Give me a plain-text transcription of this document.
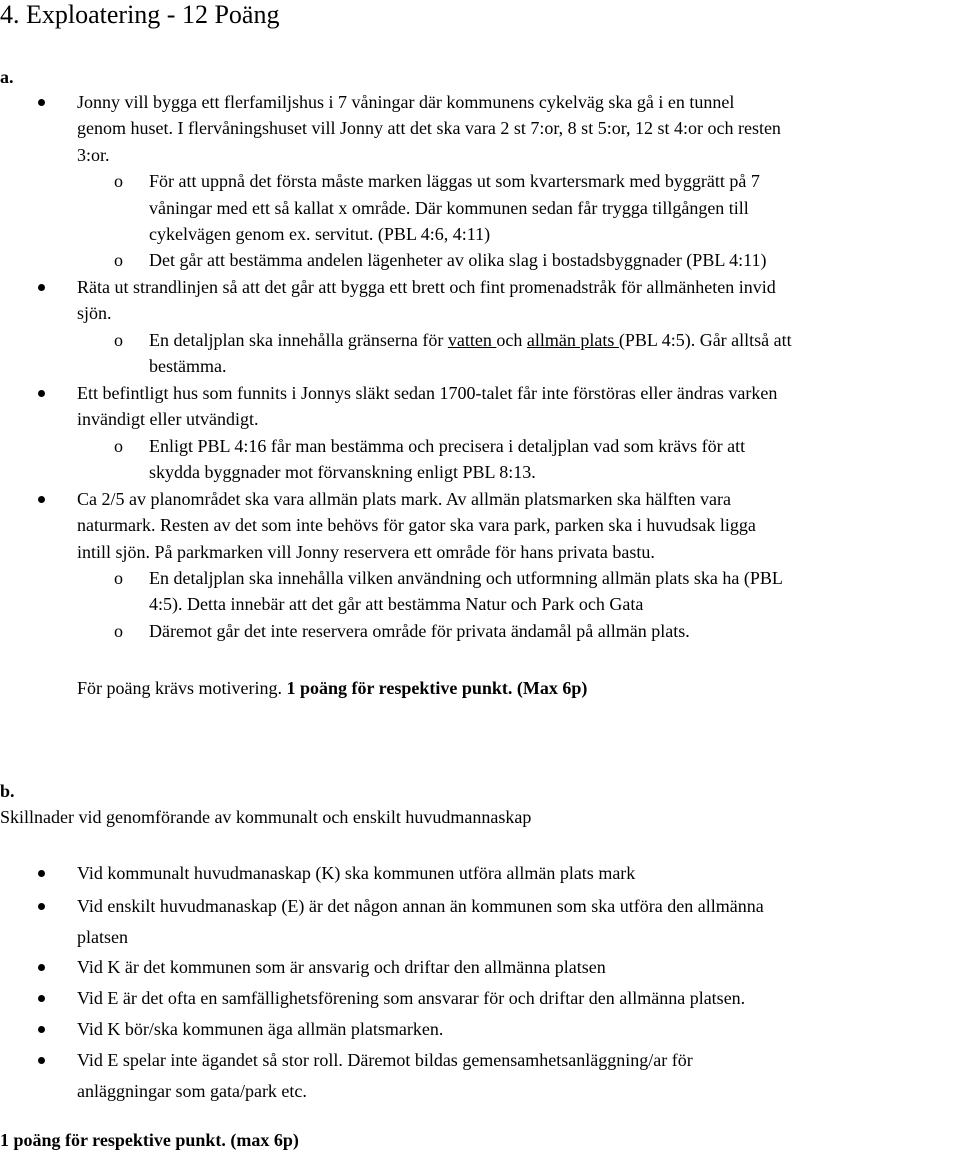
4. Exploatering - 12 Poäng
a.
Jonny vill bygga ett flerfamiljshus i 7 våningar där kommunens cykelväg ska gå i en tunnel
genom huset. I flervåningshuset vill Jonny att det ska vara 2 st 7:or, 8 st 5:or, 12 st 4:or och resten
3:or.
o För att uppnå det första måste marken läggas ut som kvartersmark med byggrätt på 7
våningar med ett så kallat x område. Där kommunen sedan får trygga tillgången till
cykelvägen genom ex. servitut. (PBL 4:6, 4:11)
o Det går att bestämma andelen lägenheter av olika slag i bostadsbyggnader (PBL 4:11)
Räta ut strandlinjen så att det går att bygga ett brett och fint promenadstråk för allmänheten invid
sjön.
o En detaljplan ska innehålla gränserna för vatten och allmän plats (PBL 4:5). Går alltså att
bestämma.
Ett befintligt hus som funnits i Jonnys släkt sedan 1700-talet får inte förstöras eller ändras varken
invändigt eller utvändigt.
o Enligt PBL 4:16 får man bestämma och precisera i detaljplan vad som krävs för att
skydda byggnader mot förvanskning enligt PBL 8:13.
Ca 2/5 av planområdet ska vara allmän plats mark. Av allmän platsmarken ska hälften vara
naturmark. Resten av det som inte behövs för gator ska vara park, parken ska i huvudsak ligga
intill sjön. På parkmarken vill Jonny reservera ett område för hans privata bastu.
o En detaljplan ska innehålla vilken användning och utformning allmän plats ska ha (PBL
4:5). Detta innebär att det går att bestämma Natur och Park och Gata
o Däremot går det inte reservera område för privata ändamål på allmän plats.
För poäng krävs motivering. 1 poäng för respektive punkt. (Max 6p)
b.
Skillnader vid genomförande av kommunalt och enskilt huvudmannaskap
Vid kommunalt huvudmanaskap (K) ska kommunen utföra allmän plats mark
Vid enskilt huvudmanaskap (E) är det någon annan än kommunen som ska utföra den allmänna
platsen
Vid K är det kommunen som är ansvarig och driftar den allmänna platsen
Vid E är det ofta en samfällighetsförening som ansvarar för och driftar den allmänna platsen.
Vid K bör/ska kommunen äga allmän platsmarken.
Vid E spelar inte ägandet så stor roll. Däremot bildas gemensamhetsanläggning/ar för
anläggningar som gata/park etc.
1 poäng för respektive punkt. (max 6p)
